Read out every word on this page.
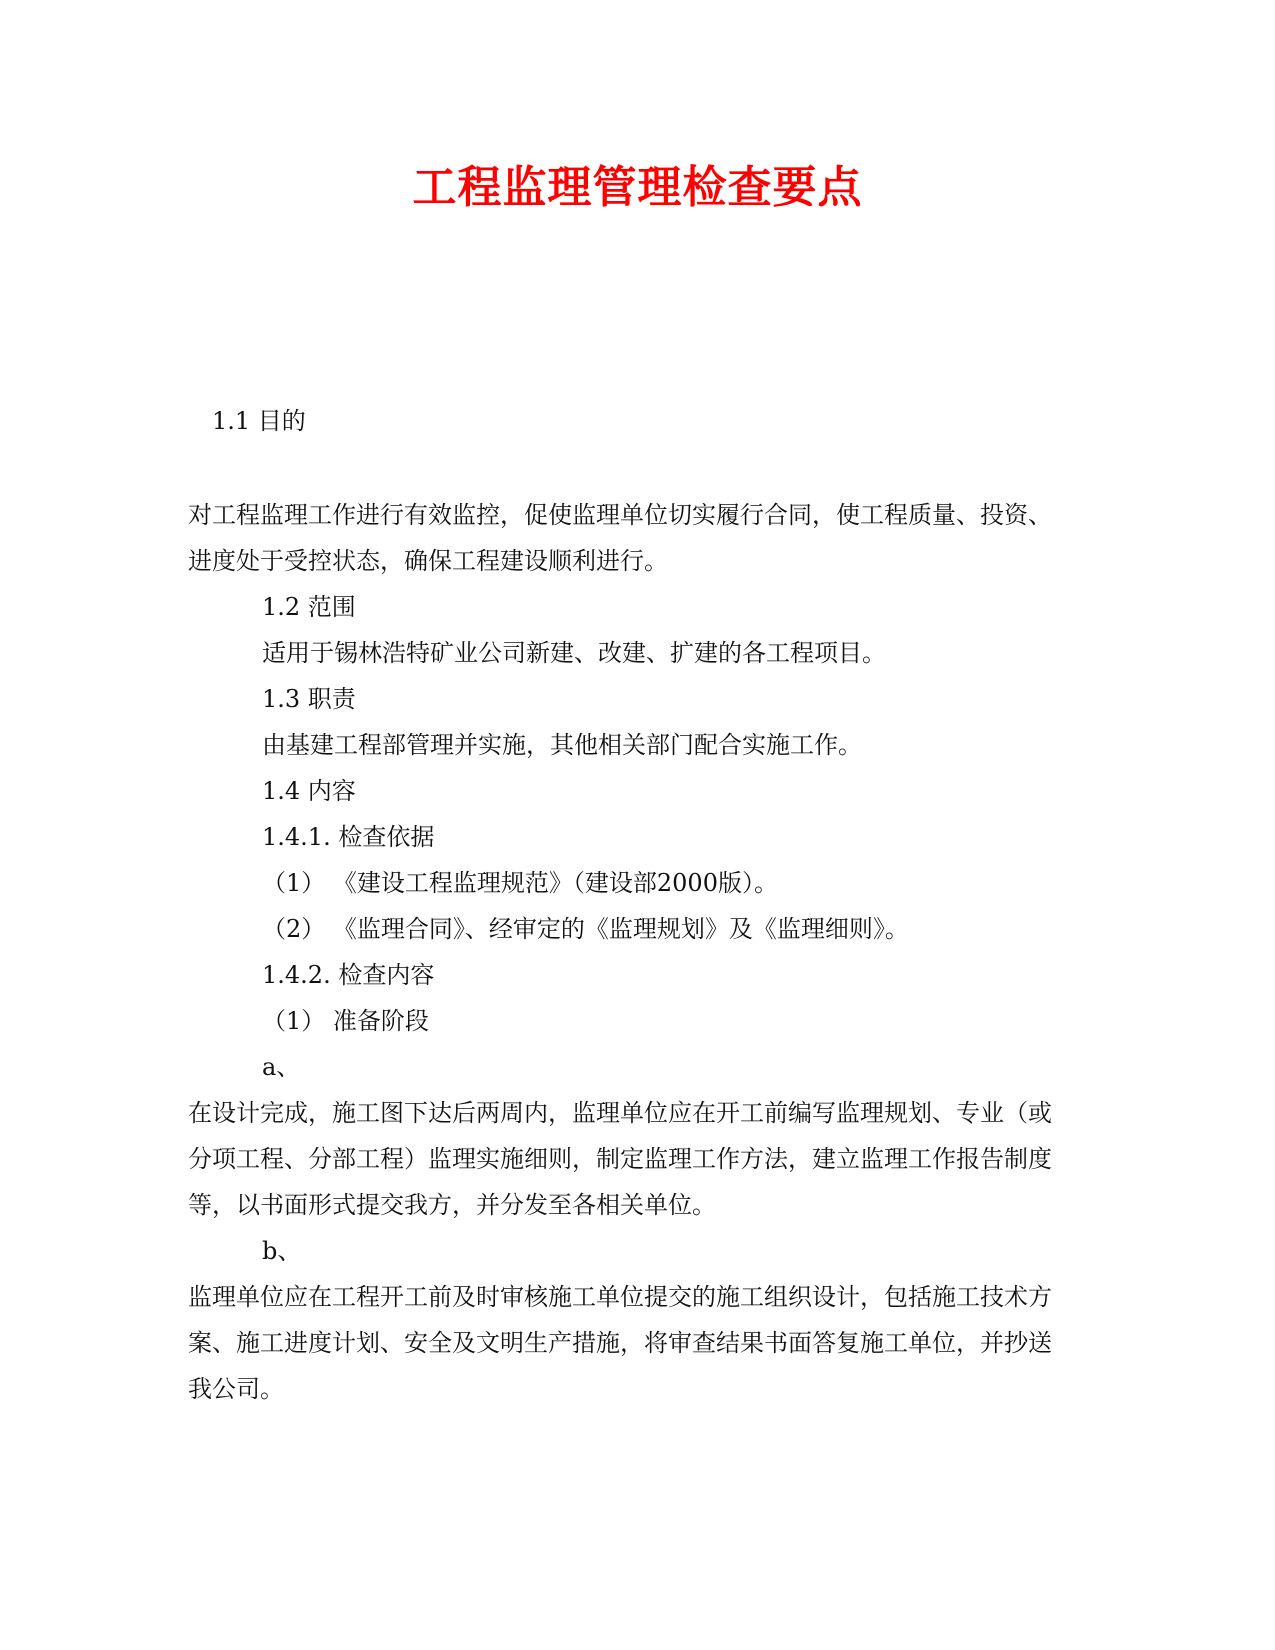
工程监理管理检查要点
1.1 目的
对工程监理工作进行有效监控，促使监理单位切实履行合同，使工程质量、投资、
进度处于受控状态，确保工程建设顺利进行。
1.2 范围
适用于锡林浩特矿业公司新建、改建、扩建的各工程项目。
1.3 职责
由基建工程部管理并实施，其他相关部门配合实施工作。
1.4 内容
1.4.1. 检查依据
（1） 《建设工程监理规范》（建设部2000版）。
（2） 《监理合同》、经审定的《监理规划》及《监理细则》。
1.4.2. 检查内容
（1） 准备阶段
a、
在设计完成，施工图下达后两周内，监理单位应在开工前编写监理规划、专业（或
分项工程、分部工程）监理实施细则，制定监理工作方法，建立监理工作报告制度
等，以书面形式提交我方，并分发至各相关单位。
b、
监理单位应在工程开工前及时审核施工单位提交的施工组织设计，包括施工技术方
案、施工进度计划、安全及文明生产措施，将审查结果书面答复施工单位，并抄送
我公司。
